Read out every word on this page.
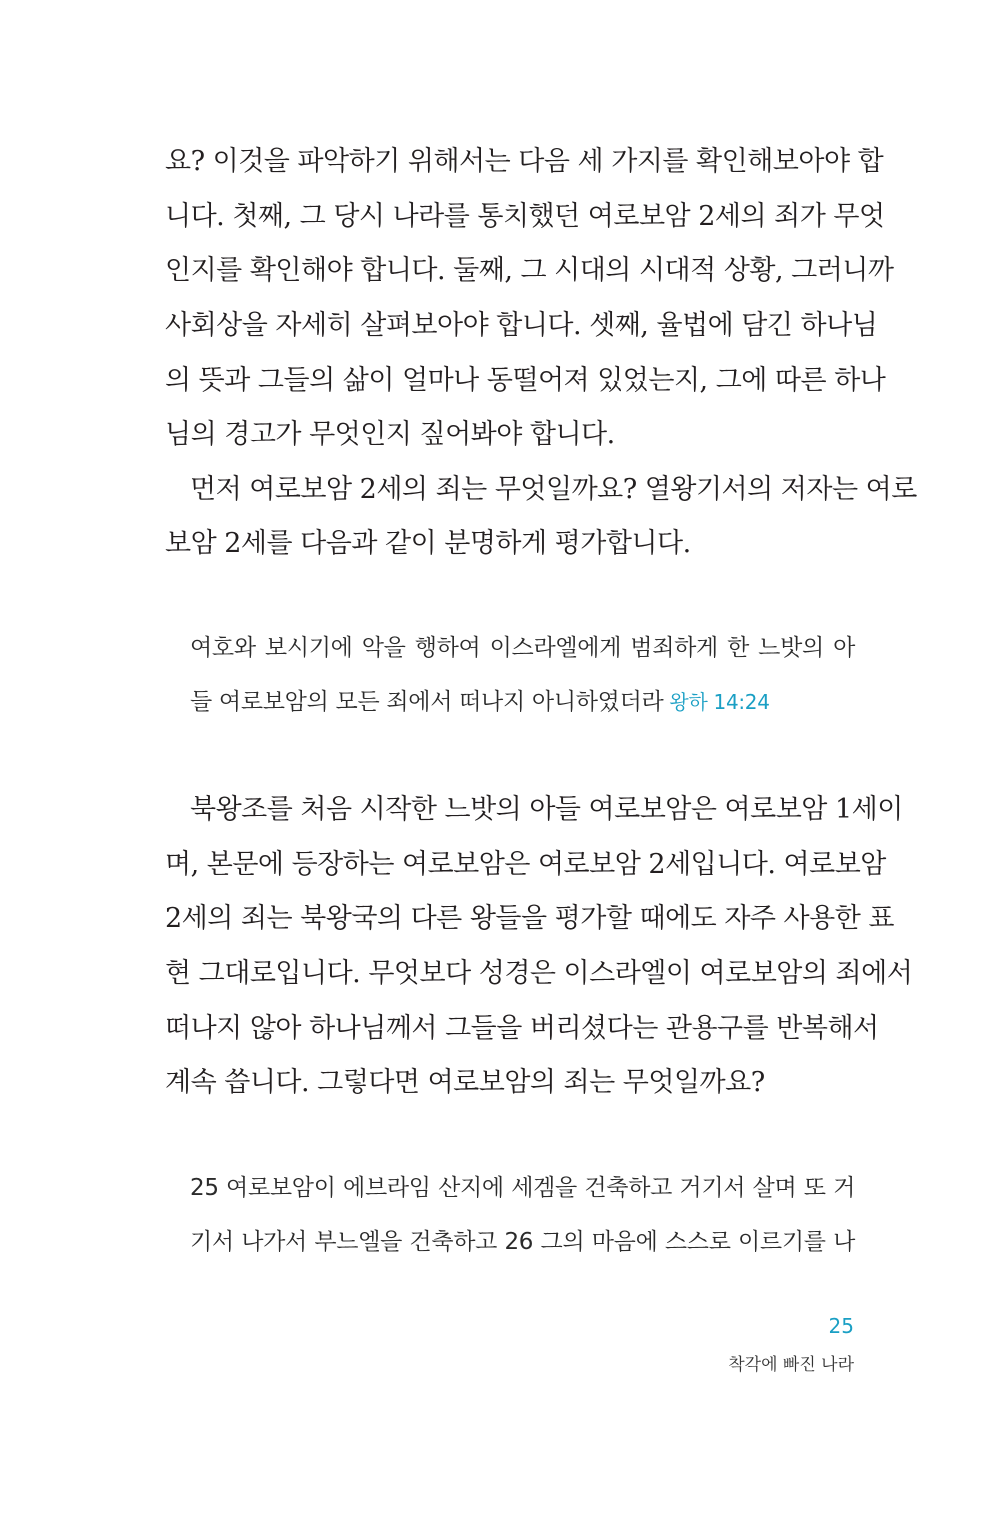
요? 이것을 파악하기 위해서는 다음 세 가지를 확인해보아야 합
니다. 첫째, 그 당시 나라를 통치했던 여로보암 2세의 죄가 무엇
인지를 확인해야 합니다. 둘째, 그 시대의 시대적 상황, 그러니까
사회상을 자세히 살펴보아야 합니다. 셋째, 율법에 담긴 하나님
의 뜻과 그들의 삶이 얼마나 동떨어져 있었는지, 그에 따른 하나
님의 경고가 무엇인지 짚어봐야 합니다.
먼저 여로보암 2세의 죄는 무엇일까요? 열왕기서의 저자는 여로
보암 2세를 다음과 같이 분명하게 평가합니다.
여호와 보시기에 악을 행하여 이스라엘에게 범죄하게 한 느밧의 아
들 여로보암의 모든 죄에서 떠나지 아니하였더라 왕하 14:24
북왕조를 처음 시작한 느밧의 아들 여로보암은 여로보암 1세이
며, 본문에 등장하는 여로보암은 여로보암 2세입니다. 여로보암
2세의 죄는 북왕국의 다른 왕들을 평가할 때에도 자주 사용한 표
현 그대로입니다. 무엇보다 성경은 이스라엘이 여로보암의 죄에서
떠나지 않아 하나님께서 그들을 버리셨다는 관용구를 반복해서
계속 씁니다. 그렇다면 여로보암의 죄는 무엇일까요?
25 여로보암이 에브라임 산지에 세겜을 건축하고 거기서 살며 또 거
기서 나가서 부느엘을 건축하고 26 그의 마음에 스스로 이르기를 나
25
착각에 빠진 나라
